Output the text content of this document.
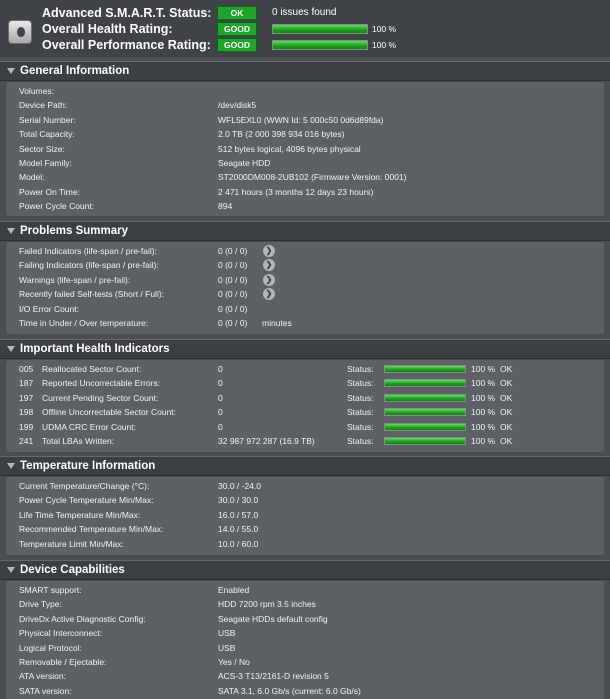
Advanced S.M.A.R.T. Status:	OK	0 issues found
Overall Health Rating:	GOOD	100 %
Overall Performance Rating:	GOOD	100 %
General Information
Volumes:
Device Path:	/dev/disk5
Serial Number:	WFL5EXL0 (WWN Id: 5 000c50 0d6d89fda)
Total Capacity:	2.0 TB (2 000 398 934 016 bytes)
Sector Size:	512 bytes logical, 4096 bytes physical
Model Family:	Seagate HDD
Model:	ST2000DM008-2UB102 (Firmware Version: 0001)
Power On Time:	2 471 hours (3 months 12 days 23 hours)
Power Cycle Count:	894
Problems Summary
Failed Indicators (life-span / pre-fail):	0 (0 / 0)	❯
Failing Indicators (life-span / pre-fail):	0 (0 / 0)	❯
Warnings (life-span / pre-fail):	0 (0 / 0)	❯
Recently failed Self-tests (Short / Full):	0 (0 / 0)	❯
I/O Error Count:	0 (0 / 0)
Time in Under / Over temperature:	0 (0 / 0) minutes
Important Health Indicators
005 Reallocated Sector Count:	0	Status:	100 % OK
187 Reported Uncorrectable Errors:	0	Status:	100 % OK
197 Current Pending Sector Count:	0	Status:	100 % OK
198 Offline Uncorrectable Sector Count:	0	Status:	100 % OK
199 UDMA CRC Error Count:	0	Status:	100 % OK
241 Total LBAs Written:	32 987 972 287 (16.9 TB)	Status:	100 % OK
Temperature Information
Current Temperature/Change (°C):	30.0 / -24.0
Power Cycle Temperature Min/Max:	30.0 / 30.0
Life Time Temperature Min/Max:	16.0 / 57.0
Recommended Temperature Min/Max:	14.0 / 55.0
Temperature Limit Min/Max:	10.0 / 60.0
Device Capabilities
SMART support:	Enabled
Drive Type:	HDD 7200 rpm 3.5 inches
DriveDx Active Diagnostic Config:	Seagate HDDs default config
Physical Interconnect:	USB
Logical Protocol:	USB
Removable / Ejectable:	Yes / No
ATA version:	ACS-3 T13/2161-D revision 5
SATA version:	SATA 3.1, 6.0 Gb/s (current: 6.0 Gb/s)
